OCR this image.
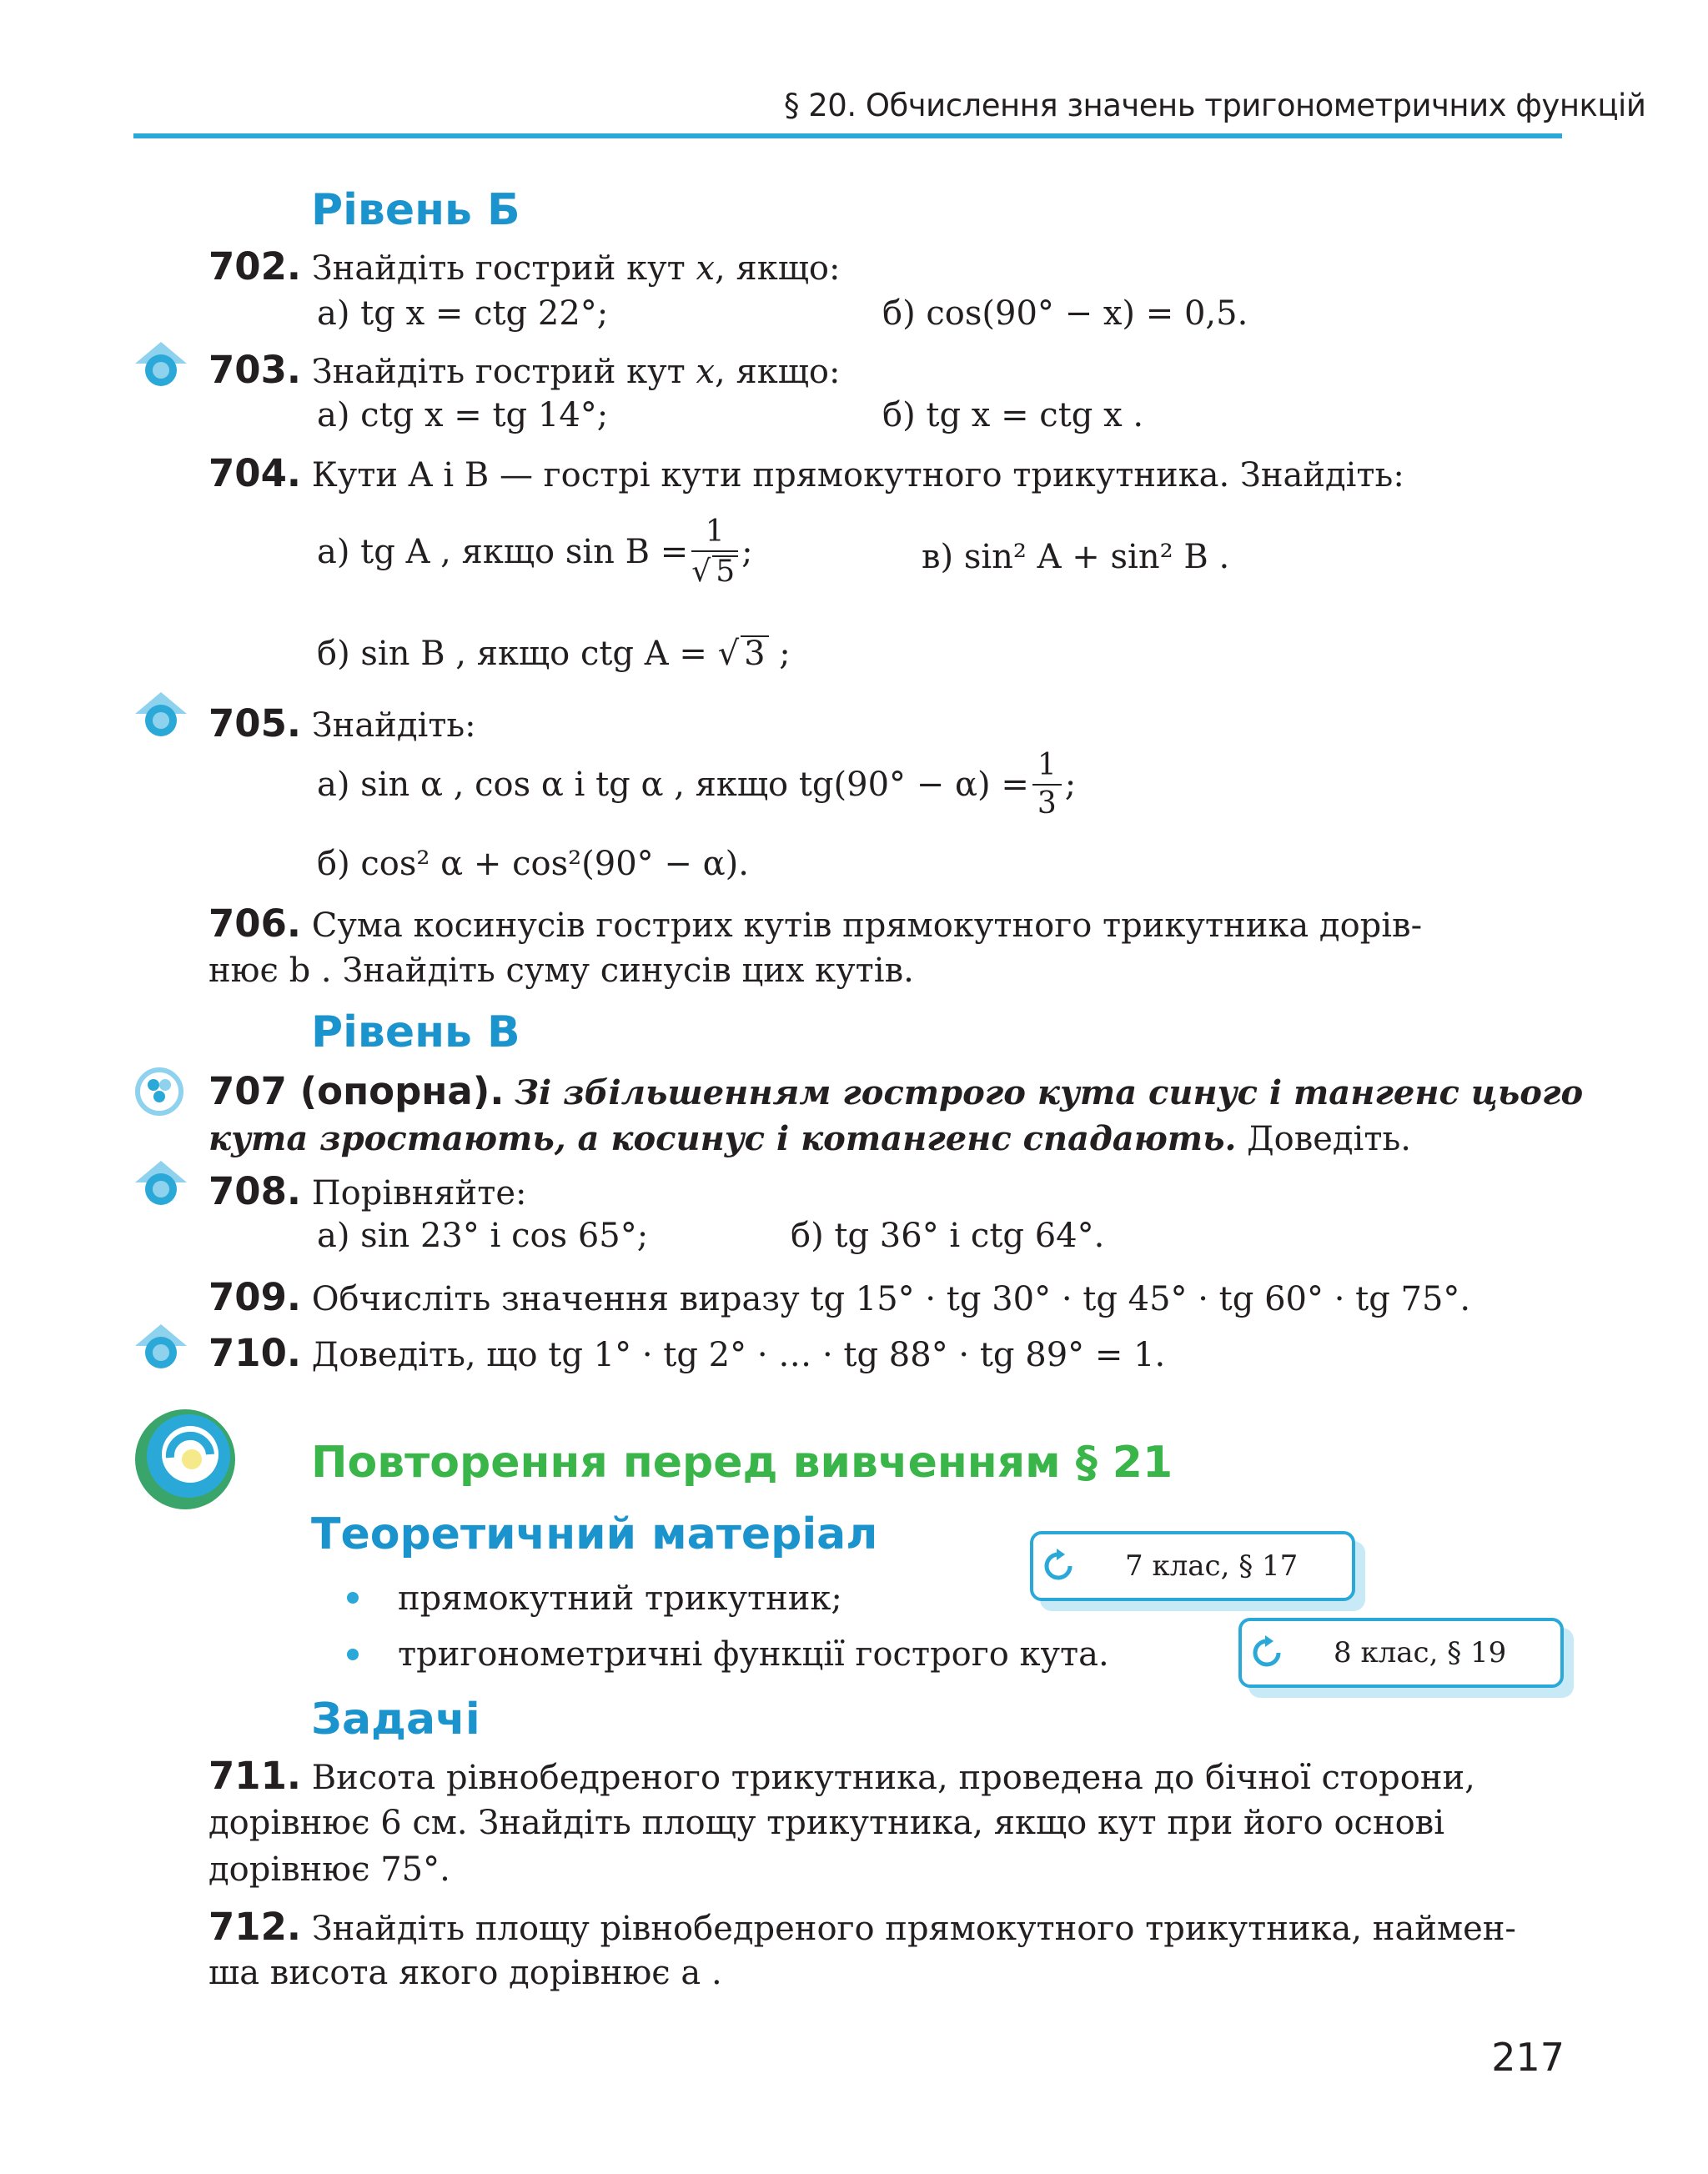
§ 20. Обчислення значень тригонометричних функцій
Рівень Б
702. Знайдіть гострий кут x, якщо:
а) tg x = ctg 22°;	б) cos(90° − x) = 0,5.
703. Знайдіть гострий кут x, якщо:
а) ctg x = tg 14°;	б) tg x = ctg x .
704. Кути A і B — гострі кути прямокутного трикутника. Знайдіть:
а) tg A , якщо $\sin B = \frac{1}{√ 5}$ ;	в) sin² A + sin² B .
б) sin B , якщо ctg A = √ 3 ;
705. Знайдіть:
а) sin α , cos α і tg α , якщо $tg(90^\circ - \alpha) = \frac{1}{3}$ ;
б) cos² α + cos²(90° − α).
706. Сума косинусів гострих кутів прямокутного трикутника дорів-
нює b . Знайдіть суму синусів цих кутів.
Рівень В
707 (опорна). Зі збільшенням гострого кута синус і тангенс цього
кута зростають, а косинус і котангенс спадають. Доведіть.
708. Порівняйте:
а) sin 23° і cos 65°;	б) tg 36° і ctg 64°.
709. Обчисліть значення виразу tg 15° · tg 30° · tg 45° · tg 60° · tg 75°.
710. Доведіть, що tg 1° · tg 2° · … · tg 88° · tg 89° = 1.
Повторення перед вивченням § 21
Теоретичний матеріал
7 клас, § 17
8 клас, § 19
прямокутний трикутник;
тригонометричні функції гострого кута.
Задачі
711. Висота рівнобедреного трикутника, проведена до бічної сторони,
дорівнює 6 см. Знайдіть площу трикутника, якщо кут при його основі
дорівнює 75°.
712. Знайдіть площу рівнобедреного прямокутного трикутника, наймен-
ша висота якого дорівнює a .
217
